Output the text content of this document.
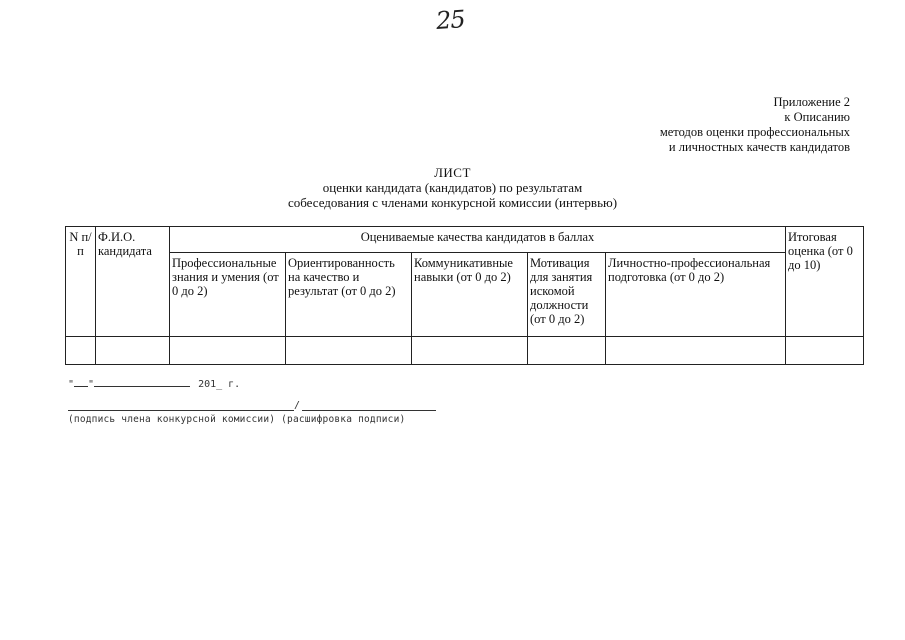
25
Приложение 2
к Описанию
методов оценки профессиональных
и личностных качеств кандидатов
ЛИСТ
оценки кандидата (кандидатов) по результатам
собеседования с членами конкурсной комиссии (интервью)
N п/п	Ф.И.О. кандидата	Оцениваемые качества кандидатов в баллах					Итоговая оценка (от 0 до 10)
		Профессиональные знания и умения (от 0 до 2)	Ориентированность на качество и результат (от 0 до 2)	Коммуникативные навыки (от 0 до 2)	Мотивация для занятия искомой должности (от 0 до 2)	Личностно-профессиональная подготовка (от 0 до 2)	

" "	201_ г.
/
(подпись члена конкурсной комиссии) (расшифровка подписи)
